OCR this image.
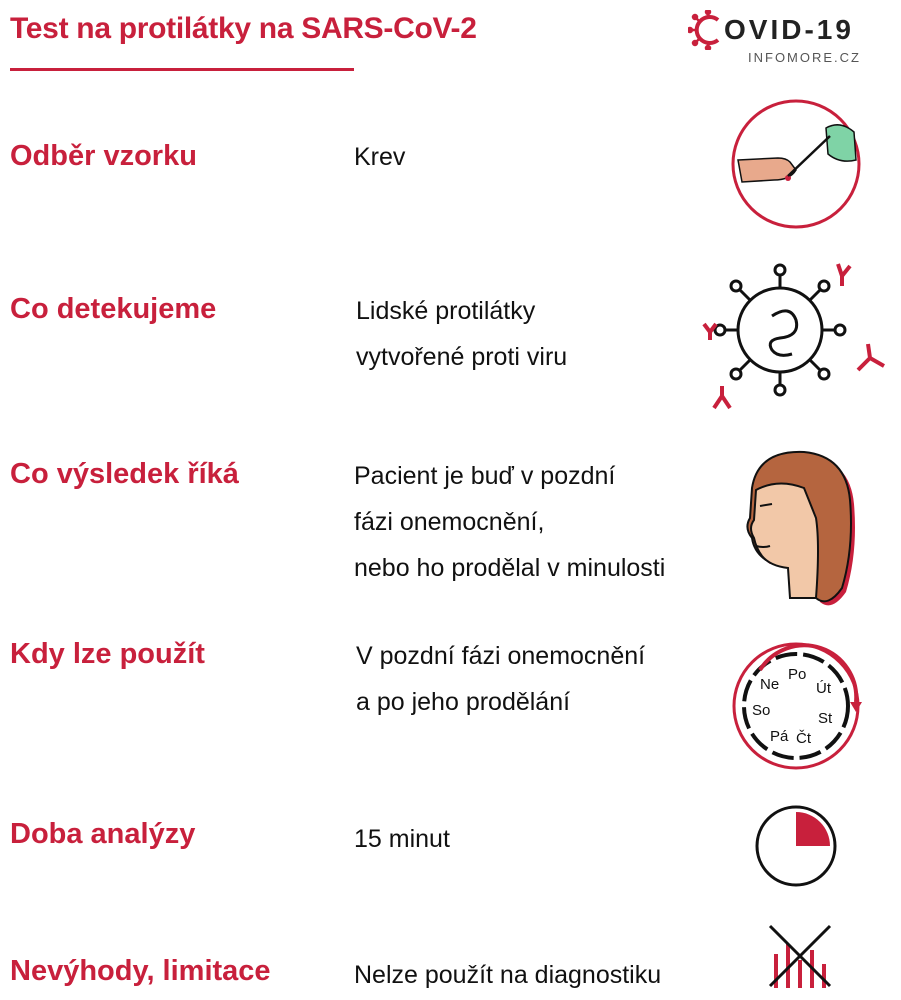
Test na protilátky na SARS-CoV-2	OVID-19
INFOMORE.CZ
Odběr vzorku	Krev
Co detekujeme	Lidské protilátky
vytvořené proti viru
Co výsledek říká	Pacient je buď v pozdní
fázi onemocnění,
nebo ho prodělal v minulosti
Kdy lze použít	V pozdní fázi onemocnění
a po jeho prodělání
Po
Út
St
Čt
Pá
So
Ne
Doba analýzy	15 minut
Nevýhody, limitace	Nelze použít na diagnostiku
